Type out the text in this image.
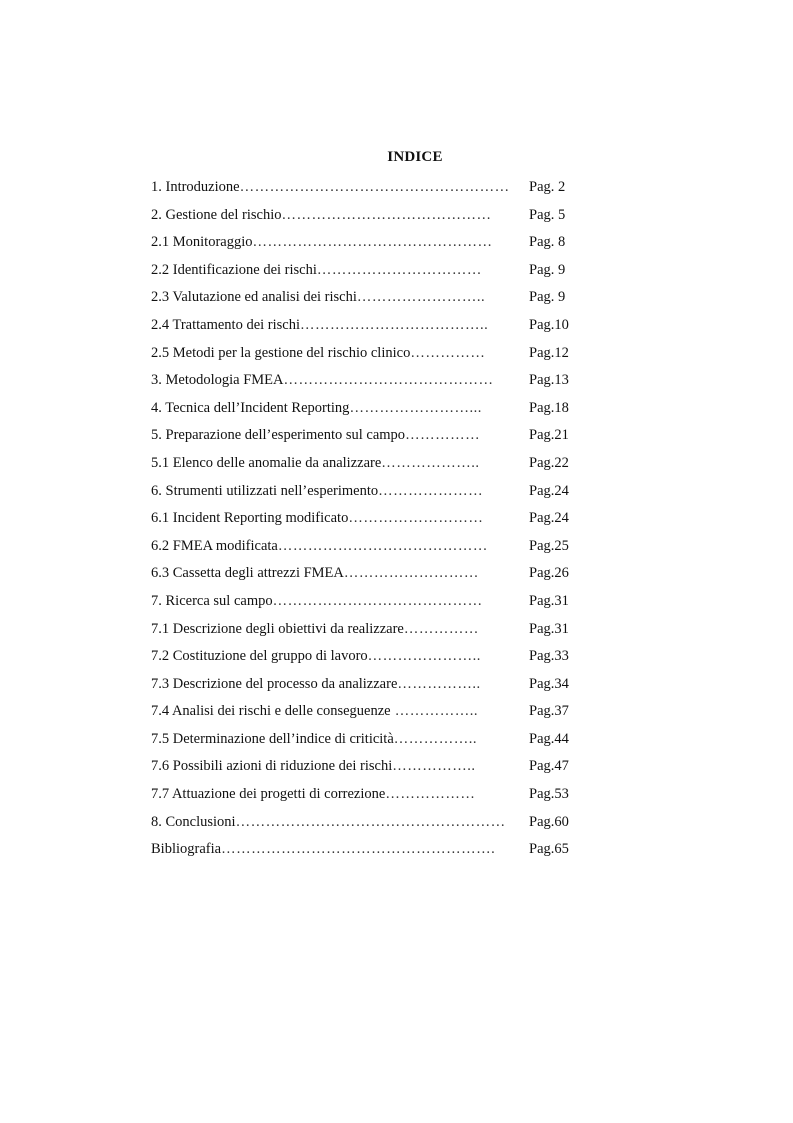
INDICE
1. Introduzione……………………………………………… Pag. 2
2. Gestione del rischio……………………………………	Pag. 5
2.1 Monitoraggio…………………………………………	Pag. 8
2.2 Identificazione dei rischi……………………………	Pag. 9
2.3 Valutazione ed analisi dei rischi……………………..	Pag. 9
2.4 Trattamento dei rischi………………………………..	Pag.10
2.5 Metodi per la gestione del rischio clinico……………	Pag.12
3. Metodologia FMEA…………………………………… Pag.13
4. Tecnica dell’Incident Reporting……………………...	Pag.18
5. Preparazione dell’esperimento sul campo……………	Pag.21
5.1 Elenco delle anomalie da analizzare………………..	Pag.22
6. Strumenti utilizzati nell’esperimento…………………	Pag.24
6.1 Incident Reporting modificato………………………	Pag.24
6.2 FMEA modificata……………………………………	Pag.25
6.3 Cassetta degli attrezzi FMEA………………………	Pag.26
7. Ricerca sul campo……………………………………	Pag.31
7.1 Descrizione degli obiettivi da realizzare……………	Pag.31
7.2 Costituzione del gruppo di lavoro…………………..	Pag.33
7.3 Descrizione del processo da analizzare……………..	Pag.34
7.4 Analisi dei rischi e delle conseguenze ……………..	Pag.37
7.5 Determinazione dell’indice di criticità……………..	Pag.44
7.6 Possibili azioni di riduzione dei rischi……………..	Pag.47
7.7 Attuazione dei progetti di correzione………………	Pag.53
8. Conclusioni……………………………………………… Pag.60
Bibliografia………………………………………………. Pag.65
